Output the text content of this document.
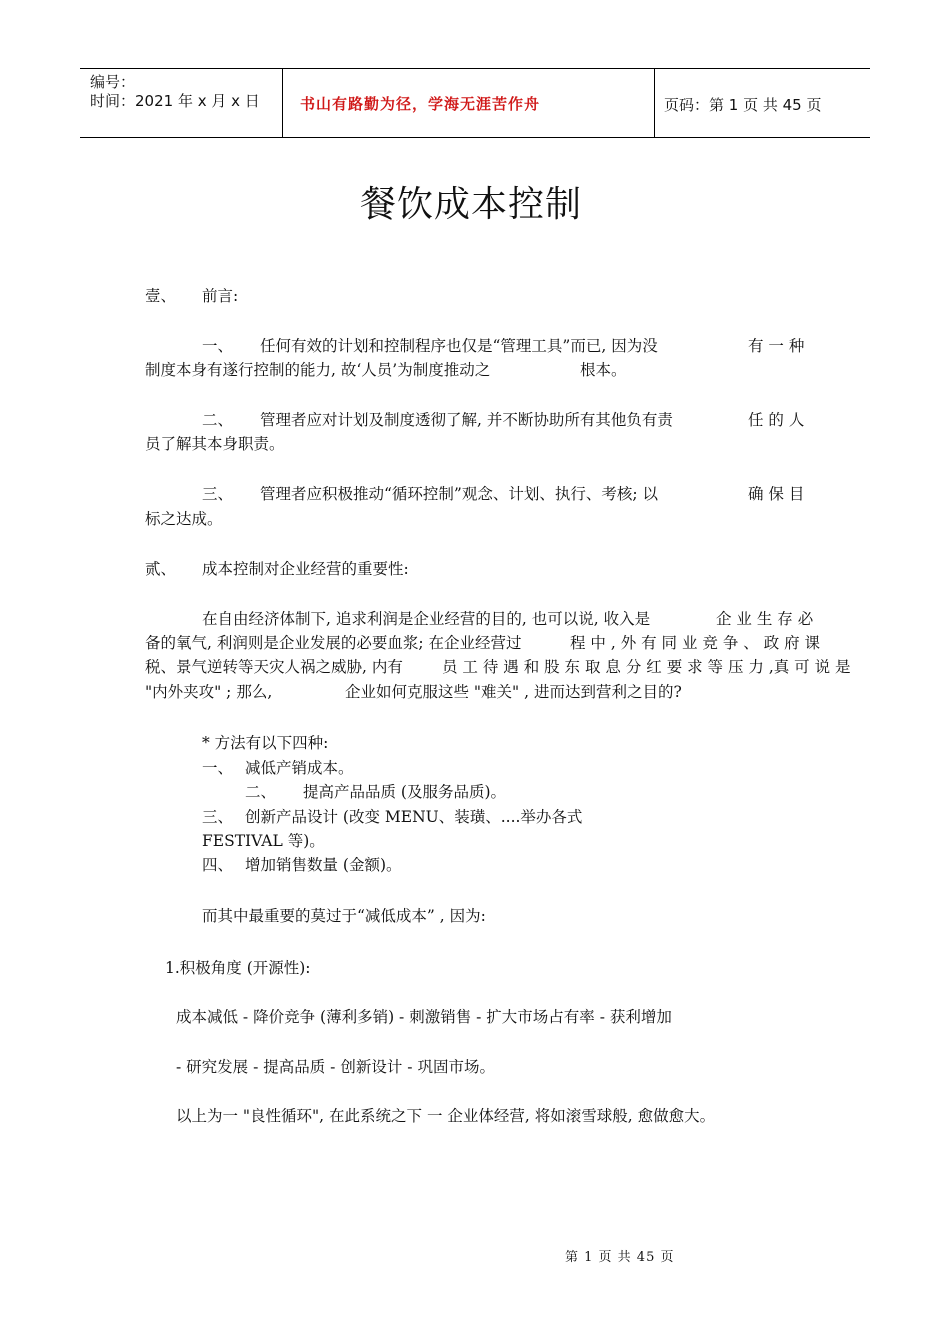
编号：
时间：2021 年 x 月 x 日	书山有路勤为径，学海无涯苦作舟	页码：第 1 页 共 45 页
餐饮成本控制
壹、 前言:
一、 任何有效的计划和控制程序也仅是“管理工具”而已, 因为没	有 一 种
制度本身有遂行控制的能力, 故‘人员’为制度推动之	根本。
二、 管理者应对计划及制度透彻了解, 并不断协助所有其他负有责	任 的 人
员了解其本身职责。
三、 管理者应积极推动“循环控制”观念、计划、执行、考核; 以	确 保 目
标之达成。
贰、 成本控制对企业经营的重要性:
在自由经济体制下, 追求利润是企业经营的目的, 也可以说, 收入是	企 业 生 存 必
备的氧气, 利润则是企业发展的必要血浆; 在企业经营过	程 中 , 外 有 同 业 竞 争 、 政 府 课
税、景气逆转等天灾人祸之威胁, 内有	员 工 待 遇 和 股 东 取 息 分 红 要 求 等 压 力 ,真 可 说 是
"内外夹攻" ; 那么,	企业如何克服这些 "难关" , 进而达到营利之目的?
* 方法有以下四种:
一、 减低产销成本。
二、 提高产品品质 (及服务品质)。
三、 创新产品设计 (改变 MENU、装璜、....举办各式
FESTIVAL 等)。
四、 增加销售数量 (金额)。
而其中最重要的莫过于“减低成本” , 因为:
1.积极角度 (开源性):
成本减低 - 降价竞争 (薄利多销) - 刺激销售 - 扩大市场占有率 - 获利增加
- 研究发展 - 提高品质 - 创新设计 - 巩固市场。
以上为一 "良性循环", 在此系统之下 一 企业体经营, 将如滚雪球般, 愈做愈大。
第 1 页 共 45 页
